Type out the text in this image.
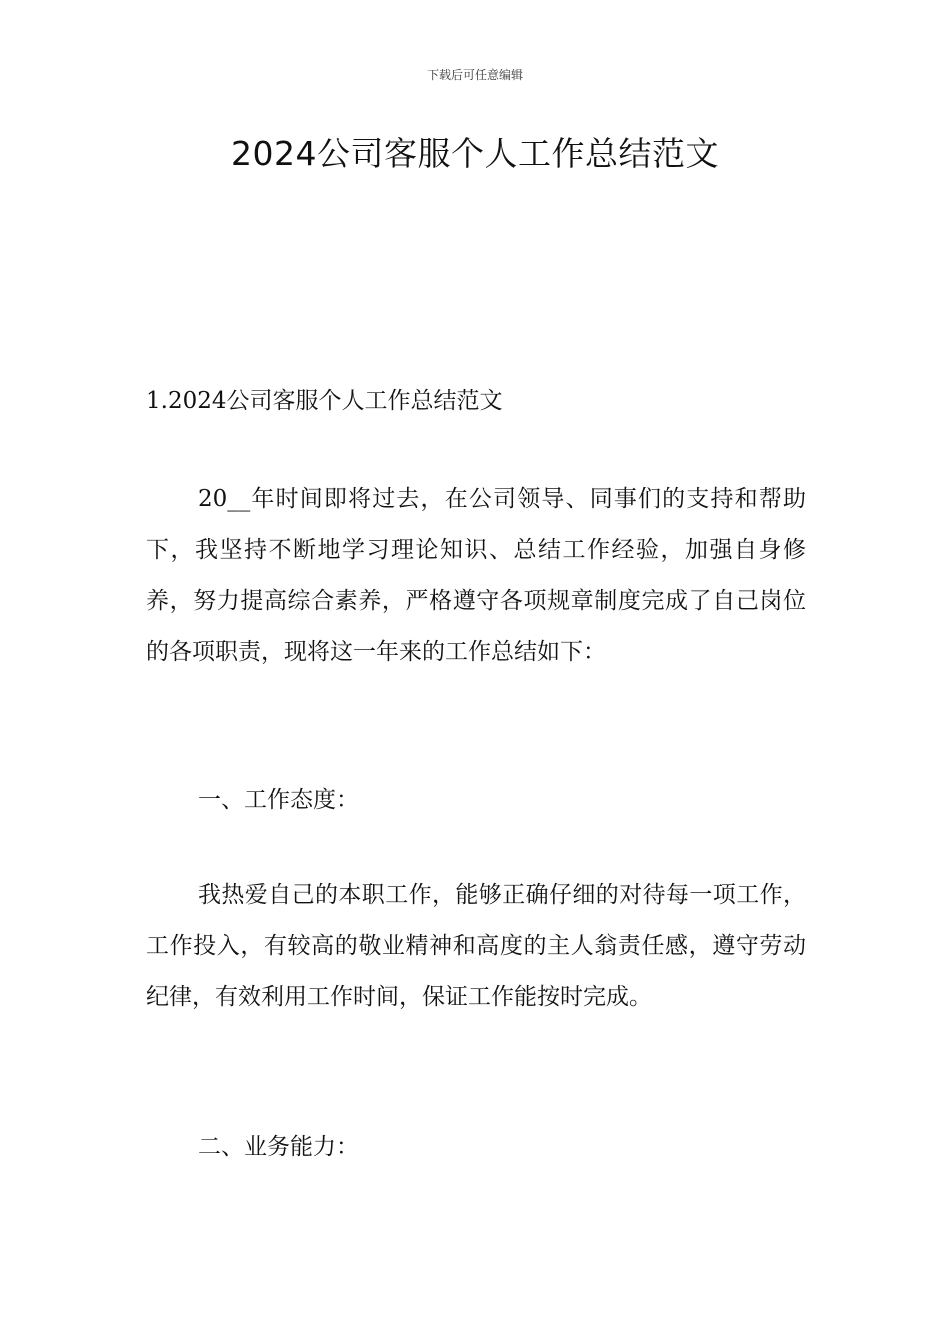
下载后可任意编辑
2024公司客服个人工作总结范文
1.2024公司客服个人工作总结范文
20__年时间即将过去，在公司领导、同事们的支持和帮助下，我坚持不断地学习理论知识、总结工作经验，加强自身修养，努力提高综合素养，严格遵守各项规章制度完成了自己岗位的各项职责，现将这一年来的工作总结如下：
一、工作态度：
我热爱自己的本职工作，能够正确仔细的对待每一项工作，工作投入，有较高的敬业精神和高度的主人翁责任感，遵守劳动纪律，有效利用工作时间，保证工作能按时完成。
二、业务能力：
